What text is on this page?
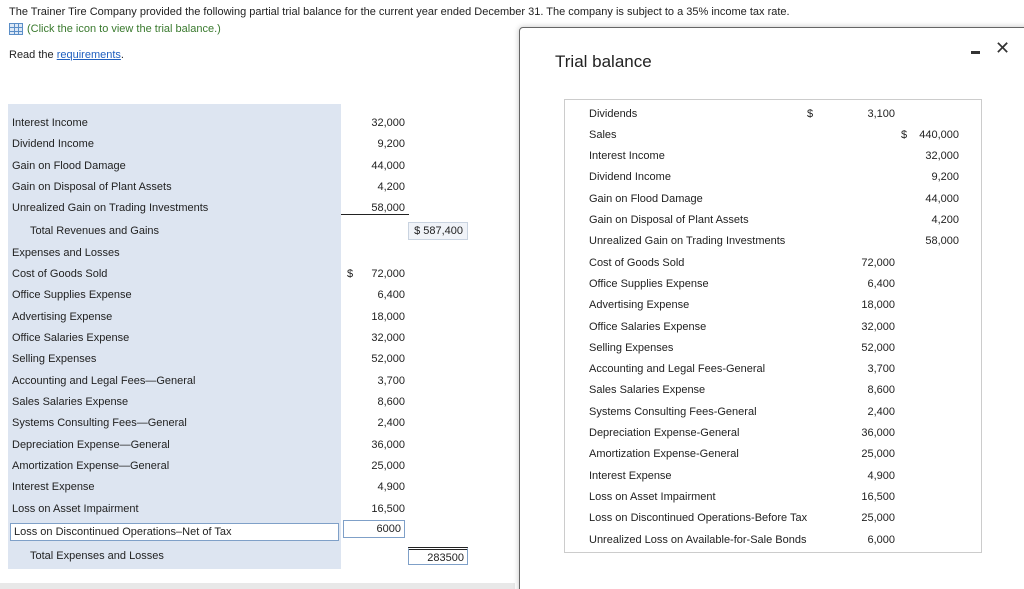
The Trainer Tire Company provided the following partial trial balance for the current year ended December 31. The company is subject to a 35% income tax rate.
(Click the icon to view the trial balance.)
Read the requirements.
Interest Income	32,000
Dividend Income	9,200
Gain on Flood Damage	44,000
Gain on Disposal of Plant Assets	4,200
Unrealized Gain on Trading Investments	58,000
Total Revenues and Gains	$ 587,400
Expenses and Losses
Cost of Goods Sold	$	72,000
Office Supplies Expense	6,400
Advertising Expense	18,000
Office Salaries Expense	32,000
Selling Expenses	52,000
Accounting and Legal Fees—General	3,700
Sales Salaries Expense	8,600
Systems Consulting Fees—General	2,400
Depreciation Expense—General	36,000
Amortization Expense—General	25,000
Interest Expense	4,900
Loss on Asset Impairment	16,500
Loss on Discontinued Operations–Net of Tax	6000
Total Expenses and Losses	283500
Trial balance
✕
Dividends	$	3,100
Sales	$	440,000
Interest Income	32,000
Dividend Income	9,200
Gain on Flood Damage	44,000
Gain on Disposal of Plant Assets	4,200
Unrealized Gain on Trading Investments	58,000
Cost of Goods Sold	72,000
Office Supplies Expense	6,400
Advertising Expense	18,000
Office Salaries Expense	32,000
Selling Expenses	52,000
Accounting and Legal Fees-General	3,700
Sales Salaries Expense	8,600
Systems Consulting Fees-General	2,400
Depreciation Expense-General	36,000
Amortization Expense-General	25,000
Interest Expense	4,900
Loss on Asset Impairment	16,500
Loss on Discontinued Operations-Before Tax	25,000
Unrealized Loss on Available-for-Sale Bonds	6,000
